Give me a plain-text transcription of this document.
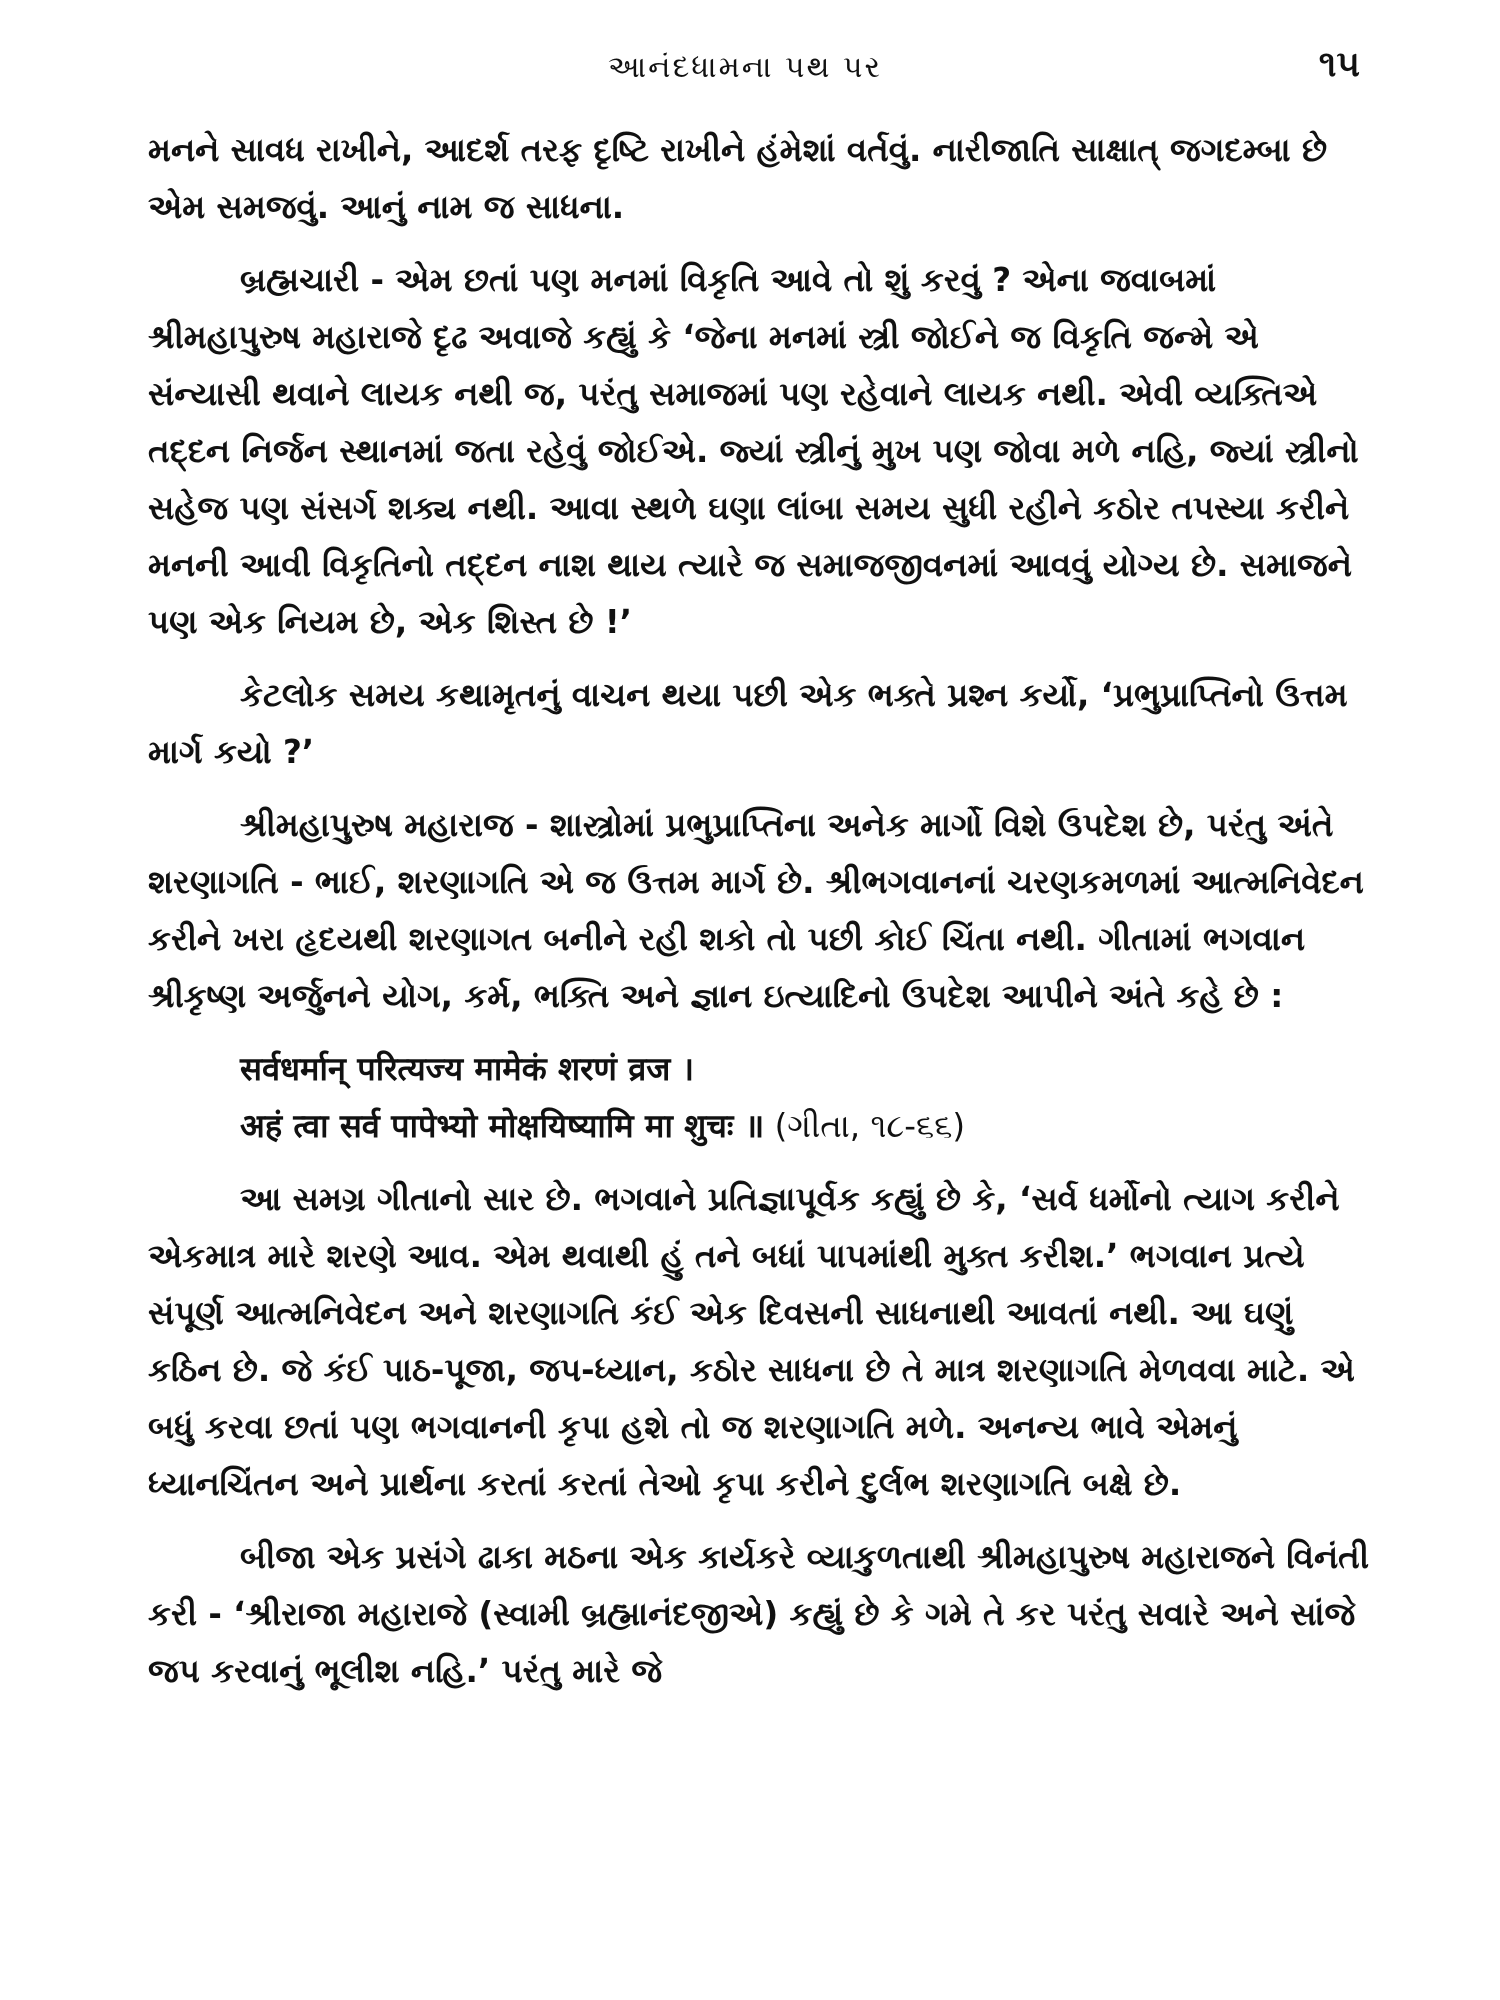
આનંદધામના પથ પર	૧૫

મનને સાવધ રાખીને, આદર્શ તરફ દૃષ્ટિ રાખીને હંમેશાં વર્તવું. નારીજાતિ સાક્ષાત્ જગદમ્બા છે એમ સમજવું. આનું નામ જ સાધના.

બ્રહ્મચારી - એમ છતાં પણ મનમાં વિકૃતિ આવે તો શું કરવું ? એના જવાબમાં શ્રીમહાપુરુષ મહારાજે દૃઢ અવાજે કહ્યું કે ‘જેના મનમાં સ્ત્રી જોઈને જ વિકૃતિ જન્મે એ સંન્યાસી થવાને લાયક નથી જ, પરંતુ સમાજમાં પણ રહેવાને લાયક નથી. એવી વ્યક્તિએ તદ્દન નિર્જન સ્થાનમાં જતા રહેવું જોઈએ. જ્યાં સ્ત્રીનું મુખ પણ જોવા મળે નહિ, જ્યાં સ્ત્રીનો સહેજ પણ સંસર્ગ શક્ય નથી. આવા સ્થળે ઘણા લાંબા સમય સુધી રહીને કઠોર તપસ્યા કરીને મનની આવી વિકૃતિનો તદ્દન નાશ થાય ત્યારે જ સમાજજીવનમાં આવવું યોગ્ય છે. સમાજને પણ એક નિયમ છે, એક શિસ્ત છે !’

કેટલોક સમય કથામૃતનું વાચન થયા પછી એક ભક્તે પ્રશ્ન કર્યો, ‘પ્રભુપ્રાપ્તિનો ઉત્તમ માર્ગ કયો ?’

શ્રીમહાપુરુષ મહારાજ - શાસ્ત્રોમાં પ્રભુપ્રાપ્તિના અનેક માર્ગો વિશે ઉપદેશ છે, પરંતુ અંતે શરણાગતિ - ભાઈ, શરણાગતિ એ જ ઉત્તમ માર્ગ છે. શ્રીભગવાનનાં ચરણકમળમાં આત્મનિવેદન કરીને ખરા હૃદયથી શરણાગત બનીને રહી શકો તો પછી કોઈ ચિંતા નથી. ગીતામાં ભગવાન શ્રીકૃષ્ણ અર્જુનને યોગ, કર્મ, ભક્તિ અને જ્ઞાન ઇત્યાદિનો ઉપદેશ આપીને અંતે કહે છે :

सर्वधर्मान् परित्यज्य मामेकं शरणं व्रज ।

अहं त्वा सर्व पापेभ्यो मोक्षयिष्यामि मा शुचः ॥ (ગીતા, ૧૮-૬૬)

આ સમગ્ર ગીતાનો સાર છે. ભગવાને પ્રતિજ્ઞાપૂર્વક કહ્યું છે કે, ‘સર્વ ધર્મોનો ત્યાગ કરીને એકમાત્ર મારે શરણે આવ. એમ થવાથી હું તને બધાં પાપમાંથી મુક્ત કરીશ.’ ભગવાન પ્રત્યે સંપૂર્ણ આત્મનિવેદન અને શરણાગતિ કંઈ એક દિવસની સાધનાથી આવતાં નથી. આ ઘણું કઠિન છે. જે કંઈ પાઠ-પૂજા, જપ-ધ્યાન, કઠોર સાધના છે તે માત્ર શરણાગતિ મેળવવા માટે. એ બધું કરવા છતાં પણ ભગવાનની કૃપા હશે તો જ શરણાગતિ મળે. અનન્ય ભાવે એમનું ધ્યાનચિંતન અને પ્રાર્થના કરતાં કરતાં તેઓ કૃપા કરીને દુર્લભ શરણાગતિ બક્ષે છે.

બીજા એક પ્રસંગે ઢાકા મઠના એક કાર્યકરે વ્યાકુળતાથી શ્રીમહાપુરુષ મહારાજને વિનંતી કરી - ‘શ્રીરાજા મહારાજે (સ્વામી બ્રહ્માનંદજીએ) કહ્યું છે કે ગમે તે કર પરંતુ સવારે અને સાંજે જપ કરવાનું ભૂલીશ નહિ.’ પરંતુ મારે જે
